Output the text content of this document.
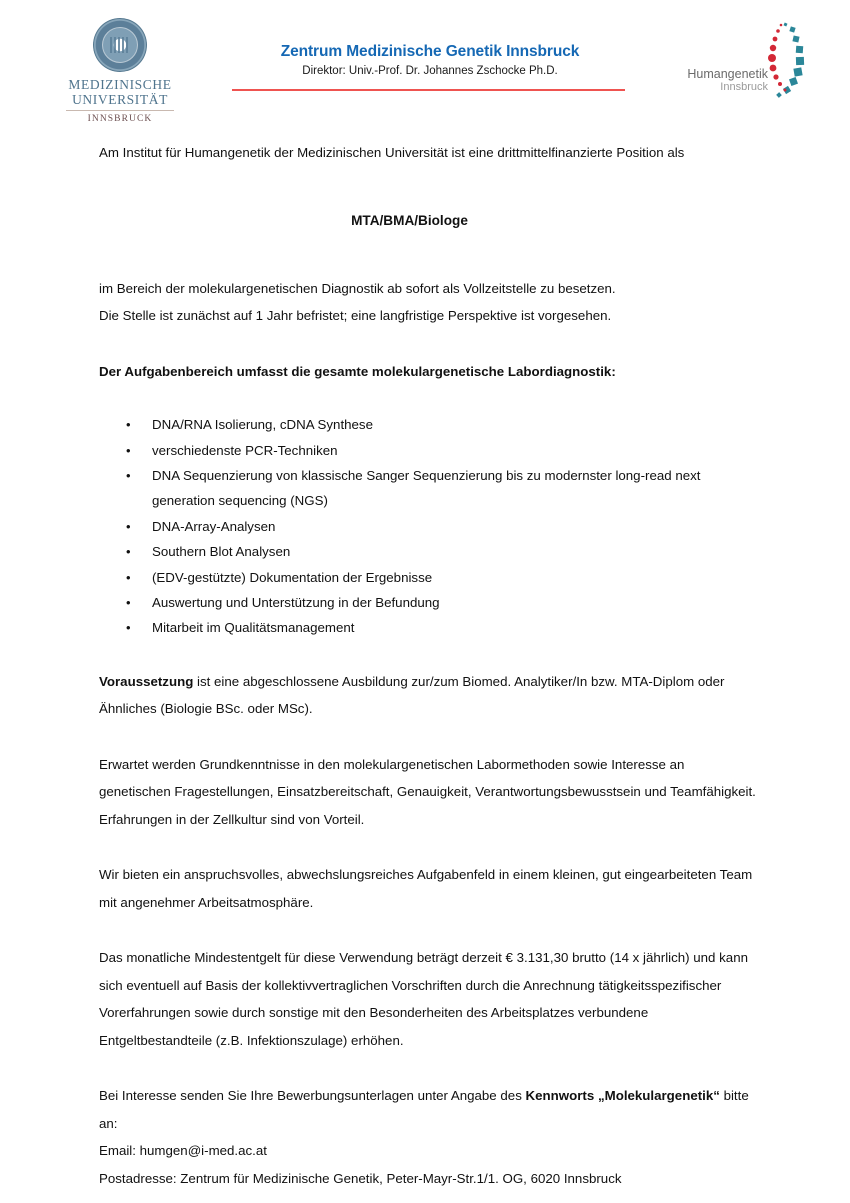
MEDIZINISCHE
UNIVERSITÄT
INNSBRUCK
Zentrum Medizinische Genetik Innsbruck
Direktor: Univ.-Prof. Dr. Johannes Zschocke Ph.D.	Humangenetik
Innsbruck

Am Institut für Humangenetik der Medizinischen Universität ist eine drittmittelfinanzierte Position als

MTA/BMA/Biologe

im Bereich der molekulargenetischen Diagnostik ab sofort als Vollzeitstelle zu besetzen.

Die Stelle ist zunächst auf 1 Jahr befristet; eine langfristige Perspektive ist vorgesehen.

Der Aufgabenbereich umfasst die gesamte molekulargenetische Labordiagnostik:

• DNA/RNA Isolierung, cDNA Synthese
• verschiedenste PCR-Techniken
• DNA Sequenzierung von klassische Sanger Sequenzierung bis zu modernster long-read next generation sequencing (NGS)
• DNA-Array-Analysen
• Southern Blot Analysen
• (EDV-gestützte) Dokumentation der Ergebnisse
• Auswertung und Unterstützung in der Befundung
• Mitarbeit im Qualitätsmanagement

Voraussetzung ist eine abgeschlossene Ausbildung zur/zum Biomed. Analytiker/In bzw. MTA-Diplom oder Ähnliches (Biologie BSc. oder MSc).

Erwartet werden Grundkenntnisse in den molekulargenetischen Labormethoden sowie Interesse an genetischen Fragestellungen, Einsatzbereitschaft, Genauigkeit, Verantwortungsbewusstsein und Teamfähigkeit. Erfahrungen in der Zellkultur sind von Vorteil.

Wir bieten ein anspruchsvolles, abwechslungsreiches Aufgabenfeld in einem kleinen, gut eingearbeiteten Team mit angenehmer Arbeitsatmosphäre.

Das monatliche Mindestentgelt für diese Verwendung beträgt derzeit € 3.131,30 brutto (14 x jährlich) und kann sich eventuell auf Basis der kollektivvertraglichen Vorschriften durch die Anrechnung tätigkeitsspezifischer Vorerfahrungen sowie durch sonstige mit den Besonderheiten des Arbeitsplatzes verbundene Entgeltbestandteile (z.B. Infektionszulage) erhöhen.

Bei Interesse senden Sie Ihre Bewerbungsunterlagen unter Angabe des Kennworts „Molekulargenetik“ bitte an:

Email: humgen@i-med.ac.at

Postadresse: Zentrum für Medizinische Genetik, Peter-Mayr-Str.1/1. OG, 6020 Innsbruck
